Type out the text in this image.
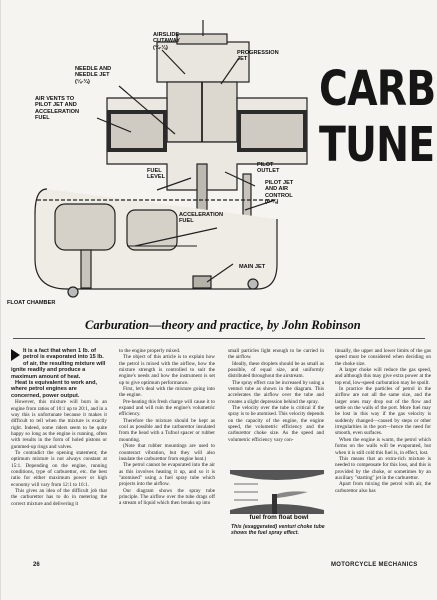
AIRSLIDE
CUTAWAY
(¼-⅛)
PROGRESSION
JET
NEEDLE AND
NEEDLE JET
(⅛-¾)
AIR VENTS TO
PILOT JET AND
ACCELERATION
FUEL
FUEL
LEVEL
PILOT
OUTLET
PILOT JET
AND AIR
CONTROL
(0-⅛)
ACCELERATION
FUEL
FLOAT CHAMBER
MAIN JET
CARB
TUNE
Carburation—theory and practice, by John Robinson

It is a fact that when 1 lb. of petrol is evaporated into 15 lb. of air, the resulting mixture will ignite readily and produce a maximum amount of heat.

Heat is equivalent to work and, where petrol engines are concerned, power output.

However, this mixture will burn in an engine from ratios of 10:1 up to 20:1, and in a way this is unfortunate because it makes it difficult to tell when the mixture is exactly right. Indeed, some riders seem to be quite happy so long as the engine is running, often with results in the form of holed pistons or gummed-up rings and valves.

To contradict the opening statement; the optimum mixture is not always constant at 15:1. Depending on the engine, running conditions, type of carburettor, etc. the best ratio for either maximum power or high economy will vary from 12:1 to 16:1.

This gives an idea of the difficult job that the carburettor has to do in metering the correct mixture and delivering it

to the engine properly mixed.

The object of this article is to explain how the petrol is mixed with the airflow, how the mixture strength is controlled to suit the engine's needs and how the instrument is set up to give optimum performance.

First, let's deal with the mixture going into the engine.

Pre-heating this fresh charge will cause it to expand and will ruin the engine's volumetric efficiency.

Therefore the mixture should be kept as cool as possible and the carburettor insulated from the head with a Tufnol spacer or rubber mounting.

(Note that rubber mountings are used to counteract vibration, but they will also insulate the carburettor from engine heat.)

The petrol cannot be evaporated into the air as this involves heating it up, and so it is "atomised" using a fuel spray tube which projects into the airflow.

Our diagram shows the spray tube principle. The airflow over the tube drags off a stream of liquid which then breaks up into

small particles light enough to be carried in the airflow.

Ideally, these droplets should be as small as possible, of equal size, and uniformly distributed throughout the airstream.

The spray effect can be increased by using a venturi tube as shown in the diagram. This accelerates the airflow over the tube and creates a slight depression behind the spray.

The velocity over the tube is critical if the spray is to be atomised. This velocity depends on the capacity of the engine, the engine speed, the volumetric efficiency and the carburettor choke size. As the speed and volumetric efficiency vary con-

fuel from float bowl
This (exaggerated) venturi choke tube shows the fuel spray effect.

tinually, the upper and lower limits of the gas speed must be considered when deciding on the choke size.

A larger choke will reduce the gas speed, and although this may give extra power at the top end, low-speed carburation may be spoilt.

In practice the particles of petrol in the airflow are not all the same size, and the larger ones may drop out of the flow and settle on the walls of the port. More fuel may be lost in this way if the gas velocity is suddenly changed—caused by steps or other irregularities in the port—hence the need for smooth, even surfaces.

When the engine is warm, the petrol which forms on the walls will be evaporated, but when it is still cold this fuel is, in effect, lost.

This means that an extra-rich mixture is needed to compensate for this loss, and this is provided by the choke, or sometimes by an auxiliary "starting" jet in the carburettor.

Apart from mixing the petrol with air, the carburettor also has

26	MOTORCYCLE MECHANICS
